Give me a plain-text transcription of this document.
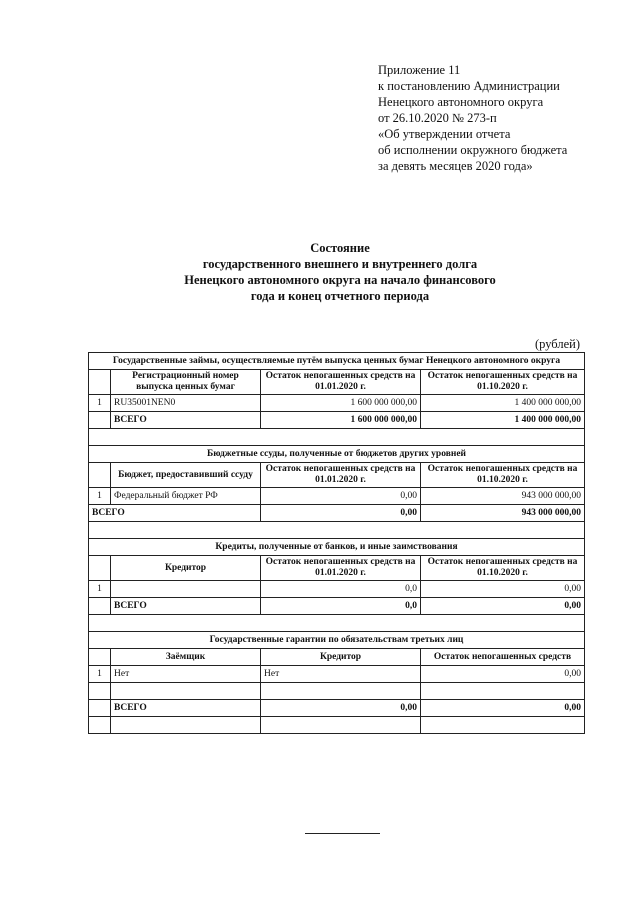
Приложение 11
к постановлению Администрации
Ненецкого автономного округа
от 26.10.2020 № 273-п
«Об утверждении отчета
об исполнении окружного бюджета
за девять месяцев 2020 года»
Состояние
государственного внешнего и внутреннего долга
Ненецкого автономного округа на начало финансового
года и конец отчетного периода
(рублей)
Государственные займы, осуществляемые путём выпуска ценных бумаг Ненецкого автономного округа			
	Регистрационный номер выпуска ценных бумаг	Остаток непогашенных средств на 01.01.2020 г.	Остаток непогашенных средств на 01.10.2020 г.
1	RU35001NEN0	1 600 000 000,00	1 400 000 000,00
	ВСЕГО	1 600 000 000,00	1 400 000 000,00

Бюджетные ссуды, полученные от бюджетов других уровней			
	Бюджет, предоставивший ссуду	Остаток непогашенных средств на 01.01.2020 г.	Остаток непогашенных средств на 01.10.2020 г.
1	Федеральный бюджет РФ	0,00	943 000 000,00
ВСЕГО		0,00	943 000 000,00

Кредиты, полученные от банков, и иные заимствования			
	Кредитор	Остаток непогашенных средств на 01.01.2020 г.	Остаток непогашенных средств на 01.10.2020 г.
1		0,0	0,00
	ВСЕГО	0,0	0,00

Государственные гарантии по обязательствам третьих лиц			
	Заёмщик	Кредитор	Остаток непогашенных средств
1	Нет	Нет	0,00

	ВСЕГО	0,00	0,00
